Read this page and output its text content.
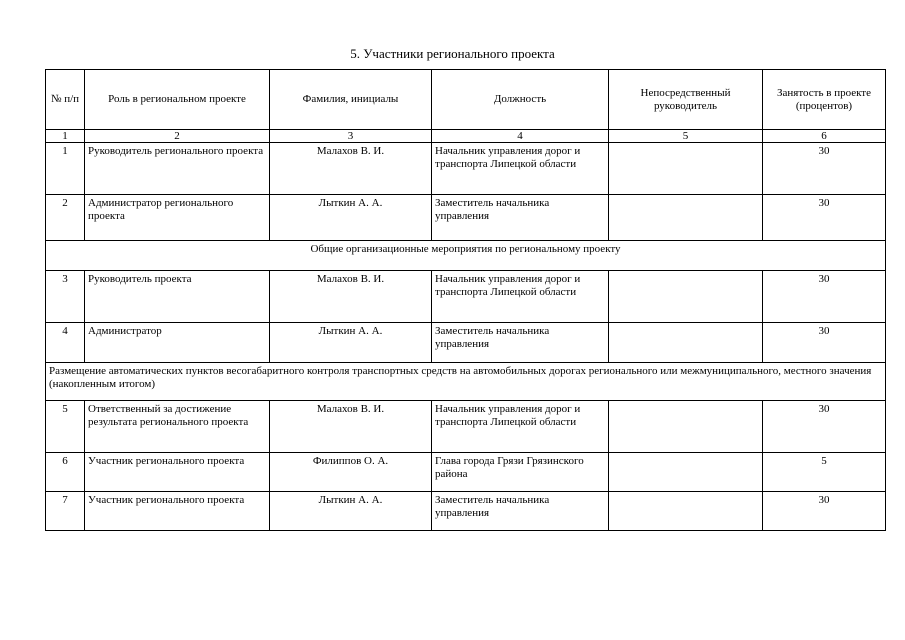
5. Участники регионального проекта
№ п/п	Роль в региональном проекте	Фамилия, инициалы	Должность	Непосредственный руководитель	Занятость в проекте (процентов)
1	2	3	4	5	6
1	Руководитель регионального проекта	Малахов В. И.	Начальник управления дорог и транспорта Липецкой области		30
2	Администратор регионального проекта	Лыткин А. А.	Заместитель начальника управления		30
Общие организационные мероприятия по региональному проекту					
3	Руководитель проекта	Малахов В. И.	Начальник управления дорог и транспорта Липецкой области		30
4	Администратор	Лыткин А. А.	Заместитель начальника управления		30
Размещение автоматических пунктов весогабаритного контроля транспортных средств на автомобильных дорогах регионального или межмуниципального, местного значения (накопленным итогом)					
5	Ответственный за достижение результата регионального проекта	Малахов В. И.	Начальник управления дорог и транспорта Липецкой области		30
6	Участник регионального проекта	Филиппов О. А.	Глава города Грязи Грязинского района		5
7	Участник регионального проекта	Лыткин А. А.	Заместитель начальника управления		30
